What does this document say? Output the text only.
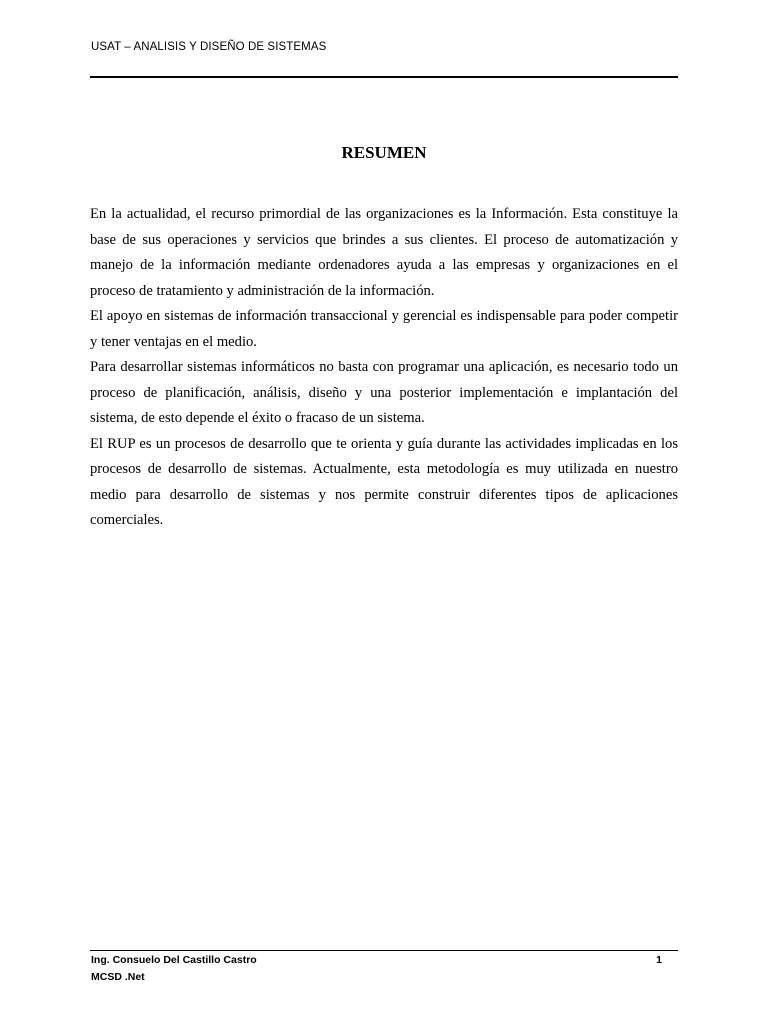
USAT – ANALISIS Y DISEÑO DE SISTEMAS
RESUMEN

En la actualidad, el recurso primordial de las organizaciones es la Información. Esta constituye la base de sus operaciones y servicios que brindes a sus clientes. El proceso de automatización y manejo de la información mediante ordenadores ayuda a las empresas y organizaciones en el proceso de tratamiento y administración de la información.

El apoyo en sistemas de información transaccional y gerencial es indispensable para poder competir y tener ventajas en el medio.

Para desarrollar sistemas informáticos no basta con programar una aplicación, es necesario todo un proceso de planificación, análisis, diseño y una posterior implementación e implantación del sistema, de esto depende el éxito o fracaso de un sistema.

El RUP es un procesos de desarrollo que te orienta y guía durante las actividades implicadas en los procesos de desarrollo de sistemas. Actualmente, esta metodología es muy utilizada en nuestro medio para desarrollo de sistemas y nos permite construir diferentes tipos de aplicaciones comerciales.

Ing. Consuelo Del Castillo Castro
MCSD .Net
1
